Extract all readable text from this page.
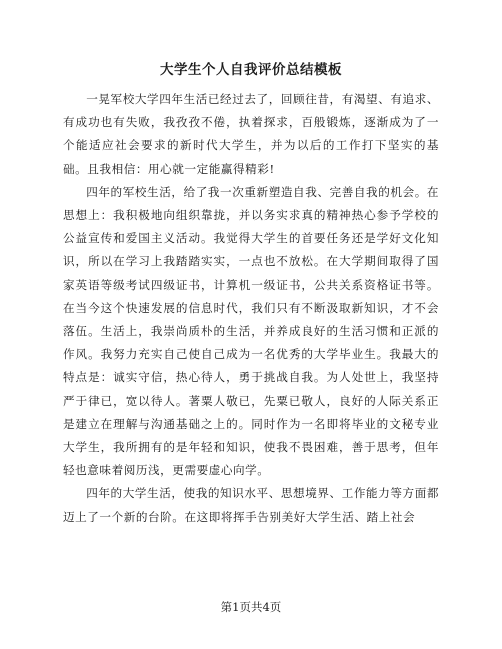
大学生个人自我评价总结模板

一晃军校大学四年生活已经过去了，回顾往昔，有渴望、有追求、有成功也有失败，我孜孜不倦，执着探求，百般锻炼，逐渐成为了一个能适应社会要求的新时代大学生，并为以后的工作打下坚实的基础。且我相信：用心就一定能赢得精彩!

四年的军校生活，给了我一次重新塑造自我、完善自我的机会。在思想上：我积极地向组织靠拢，并以务实求真的精神热心参予学校的公益宣传和爱国主义活动。我觉得大学生的首要任务还是学好文化知识，所以在学习上我踏踏实实，一点也不放松。在大学期间取得了国家英语等级考试四级证书，计算机一级证书，公共关系资格证书等。在当今这个快速发展的信息时代，我们只有不断汲取新知识，才不会落伍。生活上，我崇尚质朴的生活，并养成良好的生活习惯和正派的作风。我努力充实自己使自己成为一名优秀的大学毕业生。我最大的特点是：诚实守信，热心待人，勇于挑战自我。为人处世上，我坚持严于律已，宽以待人。著粟人敬已，先粟已敬人，良好的人际关系正是建立在理解与沟通基础之上的。同时作为一名即将毕业的文秘专业大学生，我所拥有的是年轻和知识，使我不畏困难，善于思考，但年轻也意味着阅历浅，更需要虚心向学。

四年的大学生活，使我的知识水平、思想境界、工作能力等方面都迈上了一个新的台阶。在这即将挥手告别美好大学生活、踏上社会

第1页共4页
